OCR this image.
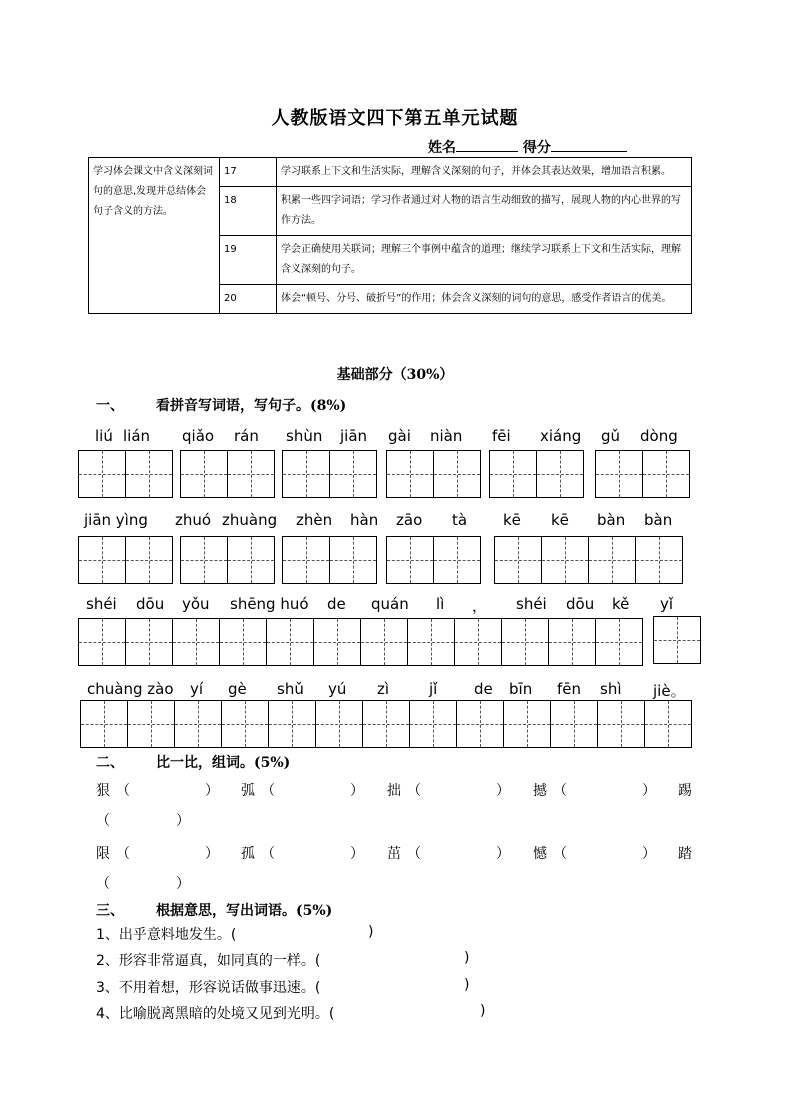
人教版语文四下第五单元试题
姓名	得分
学习体会课文中含义深刻词句的意思,发现并总结体会句子含义的方法。	17	学习联系上下文和生活实际，理解含义深刻的句子，并体会其表达效果，增加语言积累。
	18	积累一些四字词语；学习作者通过对人物的语言生动细致的描写，展现人物的内心世界的写作方法。
	19	学会正确使用关联词；理解三个事例中蕴含的道理；继续学习联系上下文和生活实际，理解含义深刻的句子。
	20	体会“顿号、分号、破折号”的作用；体会含义深刻的词句的意思，感受作者语言的优美。
基础部分（30%）
一、 看拼音写词语，写句子。(8%)
liú lián qiǎo rán shùn jiān gài niàn fēi xiáng gǔ dòng
jiān yìng zhuó zhuàng zhèn hàn zāo tà kē kē bàn bàn
shéi dōu yǒu shēng huó de quán lì ， shéi dōu kě yǐ
chuàng zào yí gè shǔ yú zì	jǐ de bīn fēn shì jiè。
二、 比一比，组词。(5%)
狠 （	） 弧 （	） 拙 （	） 撼 （	） 踢
（	）
限 （	） 孤 （	） 茁 （	） 憾 （	） 踏
（	）
三、 根据意思，写出词语。(5%)
1、出乎意料地发生。(	)
2、形容非常逼真，如同真的一样。(	)
3、不用着想，形容说话做事迅速。(	)
4、比喻脱离黑暗的处境又见到光明。(	)
